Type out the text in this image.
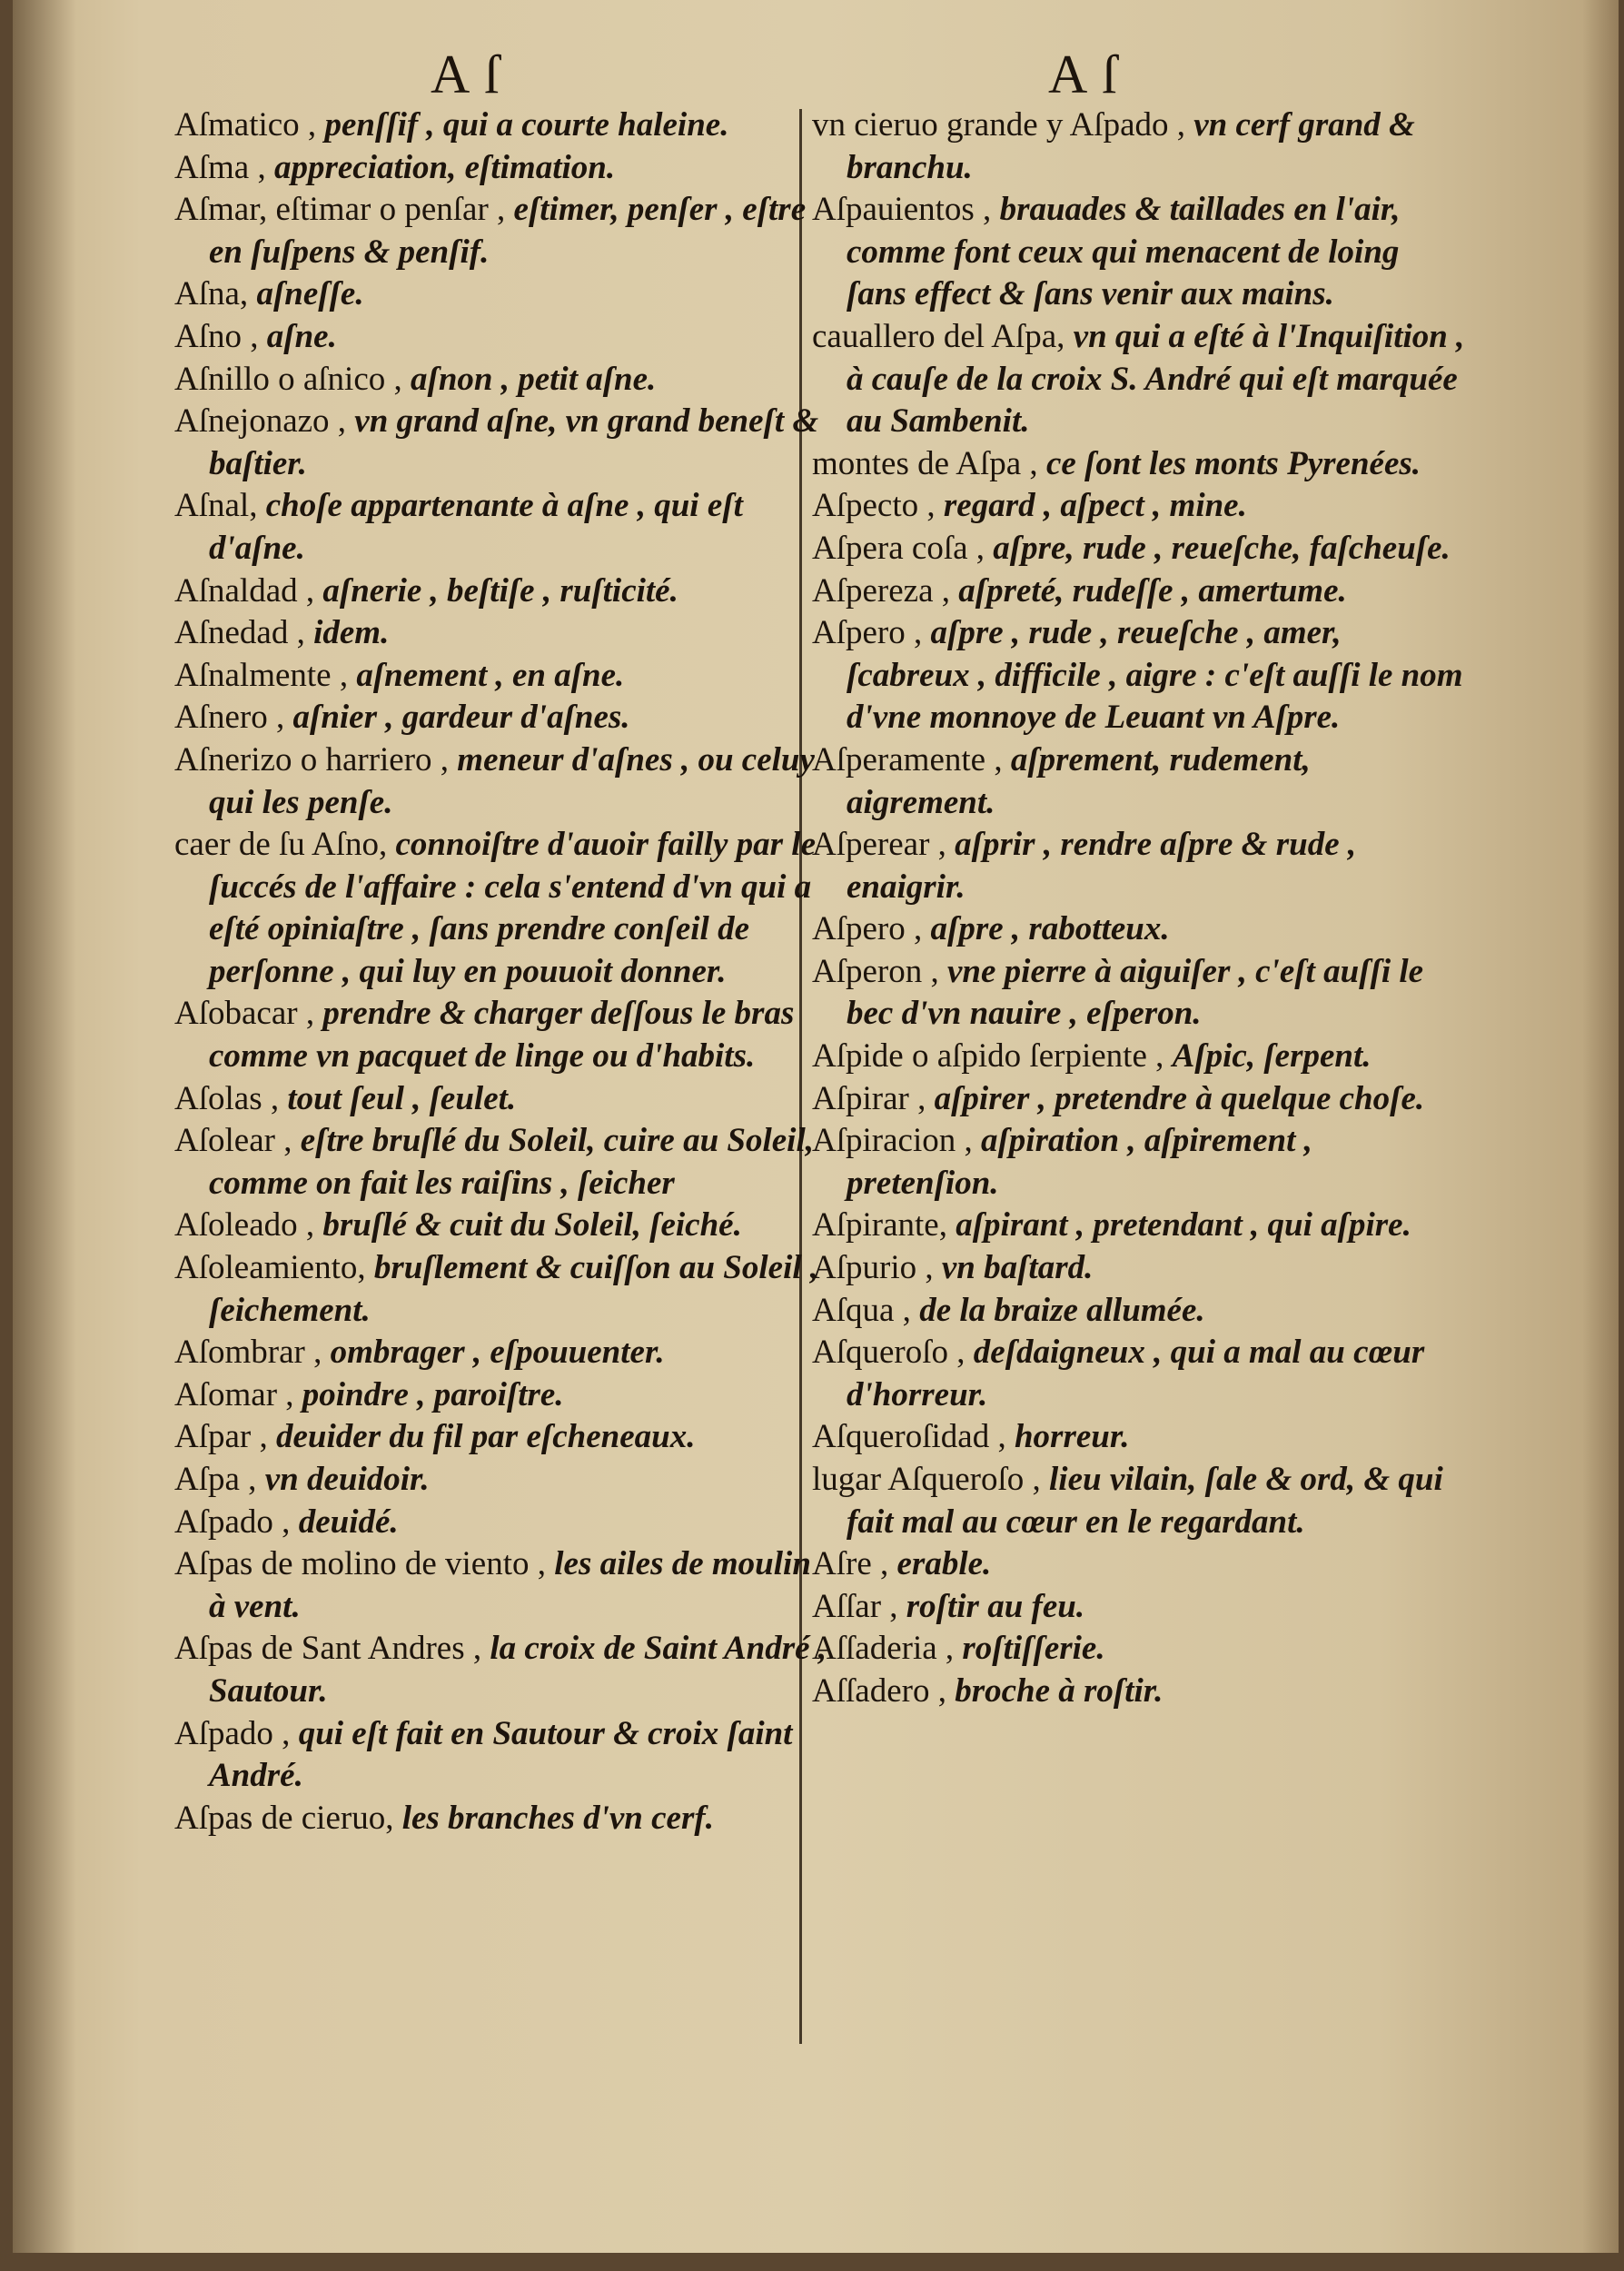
A ſ	A ſ
Aſmatico , penſſif , qui a courte haleine.
Aſma , appreciation, eſtimation.
Aſmar, eſtimar o penſar , eſtimer, penſer , eſtre en ſuſpens & penſif.
Aſna, aſneſſe.
Aſno , aſne.
Aſnillo o aſnico , aſnon , petit aſne.
Aſnejonazo , vn grand aſne, vn grand beneſt & baſtier.
Aſnal, choſe appartenante à aſne , qui eſt d'aſne.
Aſnaldad , aſnerie , beſtiſe , ruſticité.
Aſnedad , idem.
Aſnalmente , aſnement , en aſne.
Aſnero , aſnier , gardeur d'aſnes.
Aſnerizo o harriero , meneur d'aſnes , ou celuy qui les penſe.
caer de ſu Aſno, connoiſtre d'auoir failly par le ſuccés de l'affaire : cela s'entend d'vn qui a eſté opiniaſtre , ſans prendre conſeil de perſonne , qui luy en pouuoit donner.
Aſobacar , prendre & charger deſſous le bras comme vn pacquet de linge ou d'habits.
Aſolas , tout ſeul , ſeulet.
Aſolear , eſtre bruſlé du Soleil, cuire au Soleil, comme on fait les raiſins , ſeicher
Aſoleado , bruſlé & cuit du Soleil, ſeiché.
Aſoleamiento, bruſlement & cuiſſon au Soleil , ſeichement.
Aſombrar , ombrager , eſpouuenter.
Aſomar , poindre , paroiſtre.
Aſpar , deuider du fil par eſcheneaux.
Aſpa , vn deuidoir.
Aſpado , deuidé.
Aſpas de molino de viento , les ailes de moulin à vent.
Aſpas de Sant Andres , la croix de Saint André , Sautour.
Aſpado , qui eſt fait en Sautour & croix ſaint André.
Aſpas de cieruo, les branches d'vn cerf.
vn cieruo grande y Aſpado , vn cerf grand & branchu.
Aſpauientos , brauades & taillades en l'air, comme font ceux qui menacent de loing ſans effect & ſans venir aux mains.
cauallero del Aſpa, vn qui a eſté à l'Inquiſition , à cauſe de la croix S. André qui eſt marquée au Sambenit.
montes de Aſpa , ce ſont les monts Pyrenées.
Aſpecto , regard , aſpect , mine.
Aſpera coſa , aſpre, rude , reueſche, faſcheuſe.
Aſpereza , aſpreté, rudeſſe , amertume.
Aſpero , aſpre , rude , reueſche , amer, ſcabreux , difficile , aigre : c'eſt auſſi le nom d'vne monnoye de Leuant vn Aſpre.
Aſperamente , aſprement, rudement, aigrement.
Aſperear , aſprir , rendre aſpre & rude , enaigrir.
Aſpero , aſpre , rabotteux.
Aſperon , vne pierre à aiguiſer , c'eſt auſſi le bec d'vn nauire , eſperon.
Aſpide o aſpido ſerpiente , Aſpic, ſerpent.
Aſpirar , aſpirer , pretendre à quelque choſe.
Aſpiracion , aſpiration , aſpirement , pretenſion.
Aſpirante, aſpirant , pretendant , qui aſpire.
Aſpurio , vn baſtard.
Aſqua , de la braize allumée.
Aſqueroſo , deſdaigneux , qui a mal au cœur d'horreur.
Aſqueroſidad , horreur.
lugar Aſqueroſo , lieu vilain, ſale & ord, & qui fait mal au cœur en le regardant.
Aſre , erable.
Aſſar , roſtir au feu.
Aſſaderia , roſtiſſerie.
Aſſadero , broche à roſtir.
